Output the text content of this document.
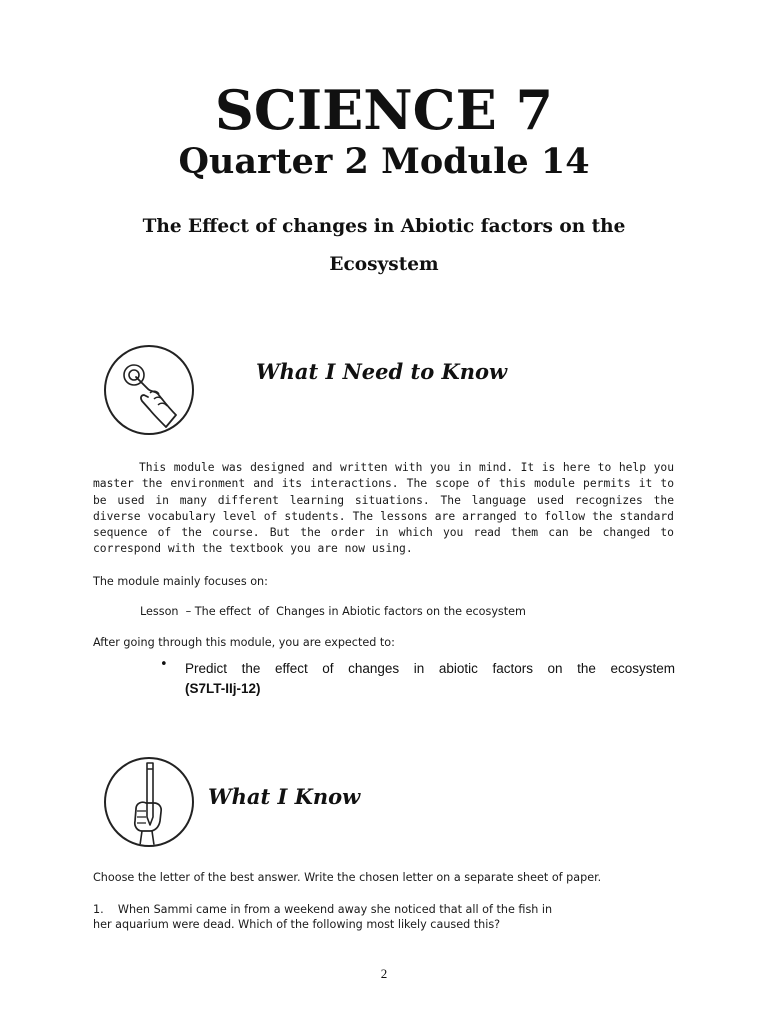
SCIENCE 7
Quarter 2 Module 14
The Effect of changes in Abiotic factors on the
Ecosystem
What I Need to Know
This module was designed and written with you in mind. It is here to help you master the environment and its interactions. The scope of this module permits it to be used in many different learning situations. The language used recognizes the diverse vocabulary level of students. The lessons are arranged to follow the standard sequence of the course. But the order in which you read them can be changed to correspond with the textbook you are now using.
The module mainly focuses on:
Lesson  – The effect  of  Changes in Abiotic factors on the ecosystem
After going through this module, you are expected to:
• Predict the effect of changes in abiotic factors on the ecosystem
(S7LT-IIj-12)
What I Know
Choose the letter of the best answer. Write the chosen letter on a separate sheet of paper.
1.    When Sammi came in from a weekend away she noticed that all of the fish in
her aquarium were dead. Which of the following most likely caused this?
2
